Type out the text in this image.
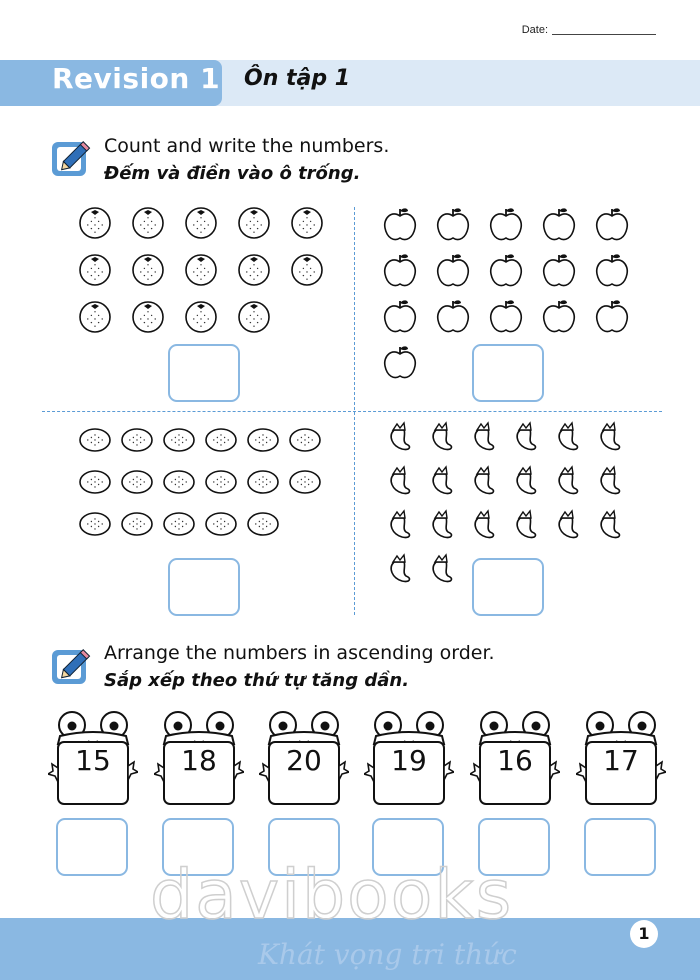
Date:
Revision 1 Ôn tập 1
Count and write the numbers.
Đếm và điền vào ô trống.
Arrange the numbers in ascending order.
Sắp xếp theo thứ tự tăng dần.
15	18	20	19	16	17
davibooks
Khát vọng tri thức
1
